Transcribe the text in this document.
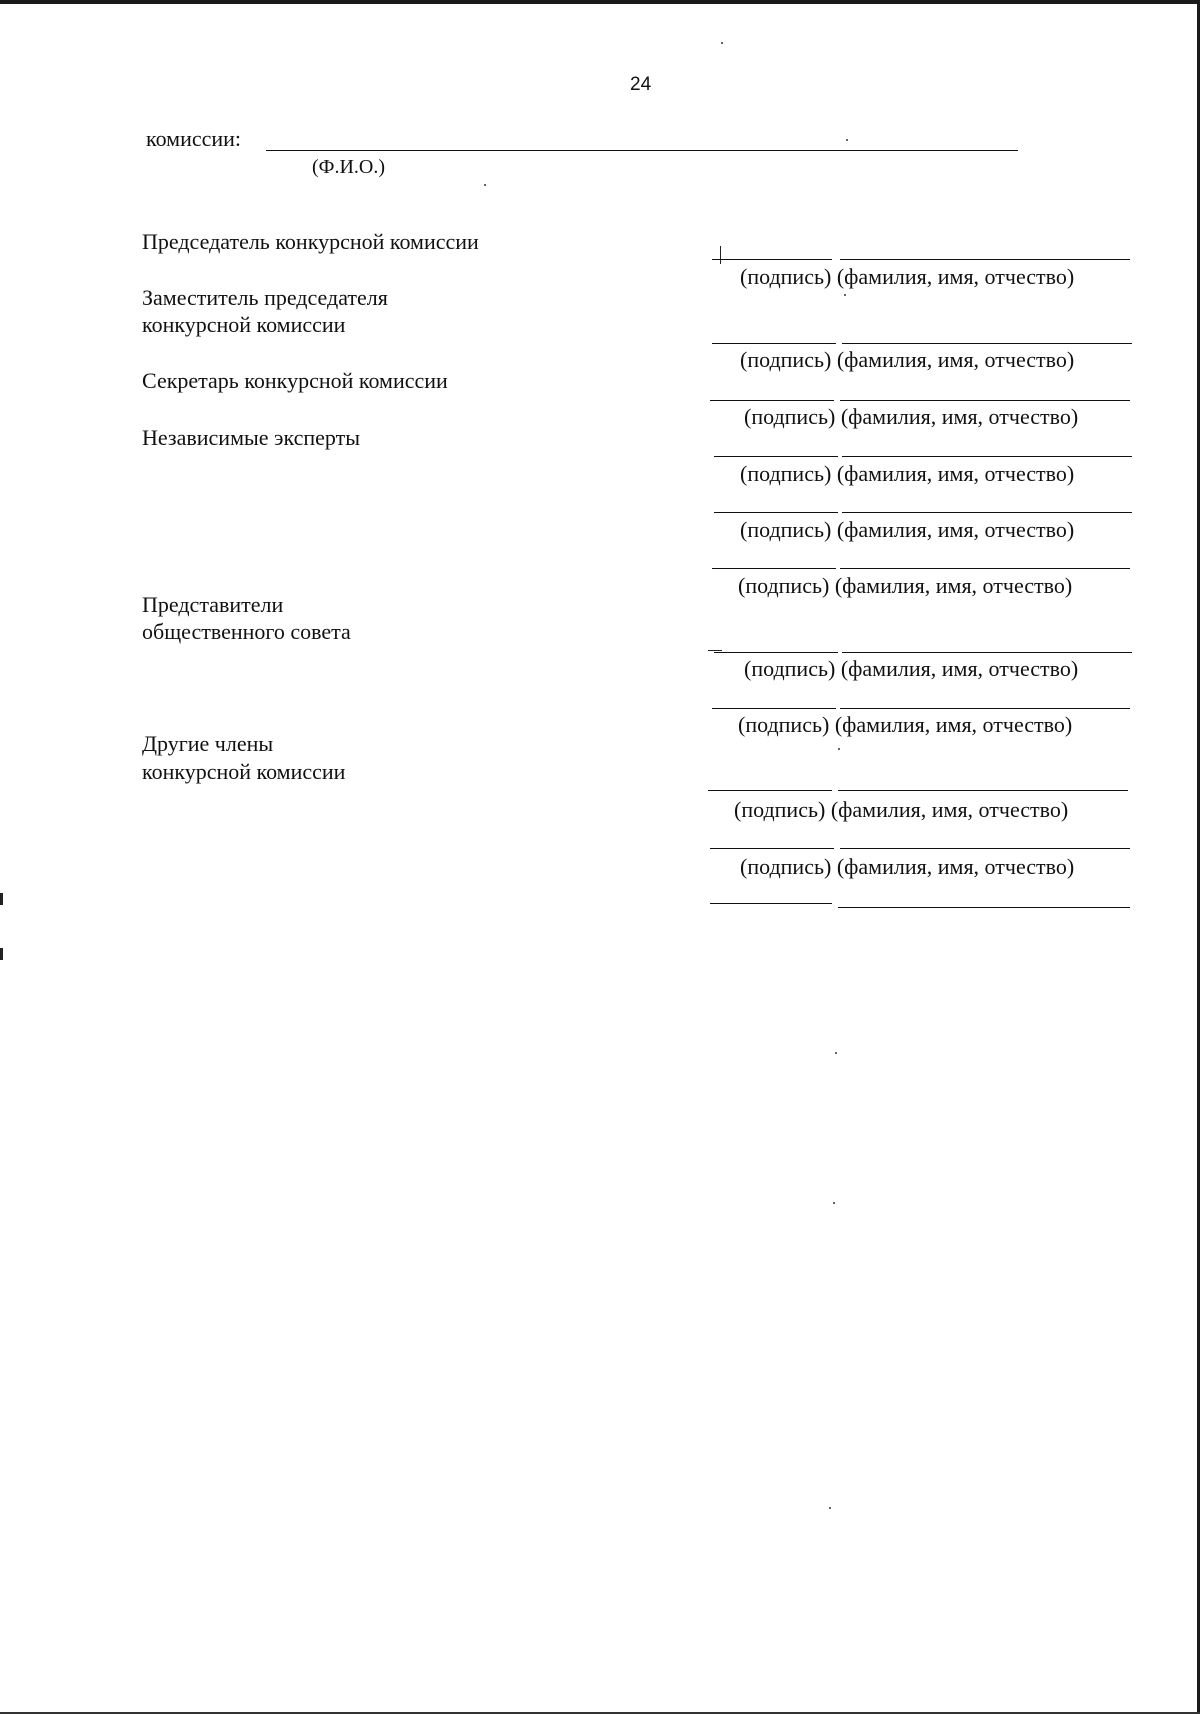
24
комиссии:
(Ф.И.О.)
Председатель конкурсной комиссии
Заместитель председателя
конкурсной комиссии
Секретарь конкурсной комиссии
Независимые эксперты
Представители
общественного совета
Другие члены
конкурсной комиссии
(подпись) (фамилия, имя, отчество)
(подпись) (фамилия, имя, отчество)
(подпись) (фамилия, имя, отчество)
(подпись) (фамилия, имя, отчество)
(подпись) (фамилия, имя, отчество)
(подпись) (фамилия, имя, отчество)
(подпись) (фамилия, имя, отчество)
(подпись) (фамилия, имя, отчество)
(подпись) (фамилия, имя, отчество)
(подпись) (фамилия, имя, отчество)
